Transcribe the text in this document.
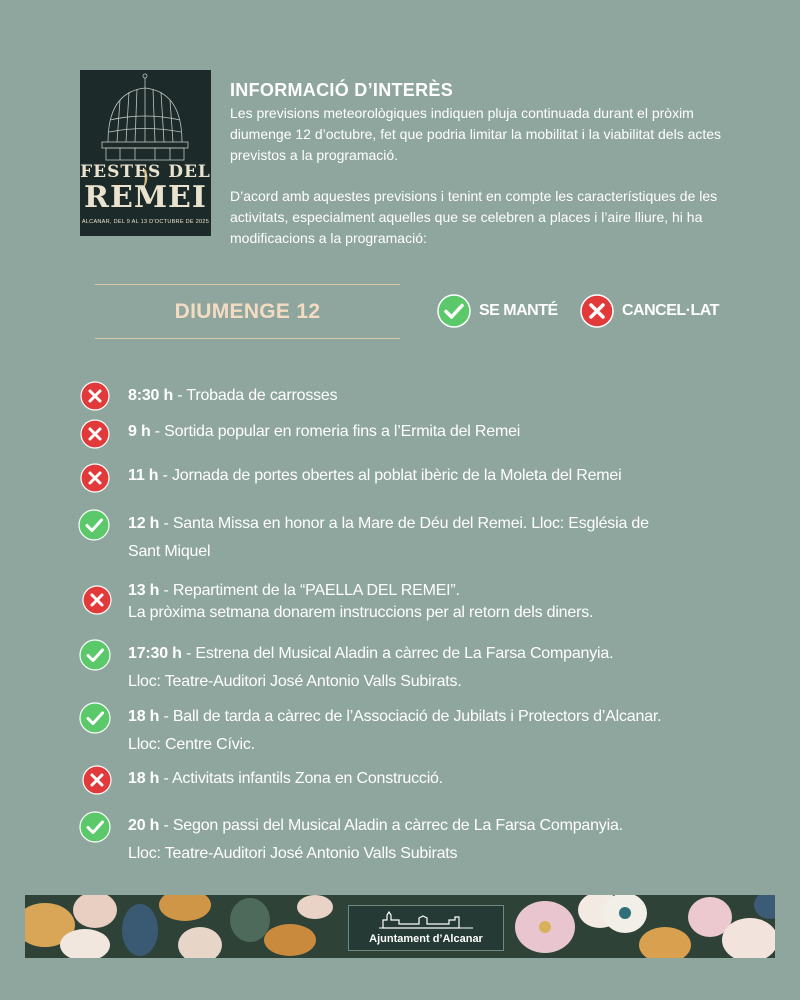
FESTES DEL
REMEI
ALCANAR, DEL 9 AL 13 D'OCTUBRE DE 2025
INFORMACIÓ D’INTERÈS
Les previsions meteorològiques indiquen pluja continuada durant el pròxim diumenge 12 d’octubre, fet que podria limitar la mobilitat i la viabilitat dels actes previstos a la programació.
D’acord amb aquestes previsions i tenint en compte les característiques de les activitats, especialment aquelles que se celebren a places i l’aire lliure, hi ha modificacions a la programació:
DIUMENGE 12	SE MANTÉ	CANCEL·LAT
8:30 h - Trobada de carrosses
9 h - Sortida popular en romeria fins a l’Ermita del Remei
11 h - Jornada de portes obertes al poblat ibèric de la Moleta del Remei
12 h - Santa Missa en honor a la Mare de Déu del Remei. Lloc: Església de
Sant Miquel
13 h - Repartiment de la “PAELLA DEL REMEI”.
La pròxima setmana donarem instruccions per al retorn dels diners.
17:30 h - Estrena del Musical Aladin a càrrec de La Farsa Companyia.
Lloc: Teatre-Auditori José Antonio Valls Subirats.
18 h - Ball de tarda a càrrec de l’Associació de Jubilats i Protectors d’Alcanar.
Lloc: Centre Cívic.
18 h - Activitats infantils Zona en Construcció.
20 h - Segon passi del Musical Aladin a càrrec de La Farsa Companyia.
Lloc: Teatre-Auditori José Antonio Valls Subirats
Ajuntament d’Alcanar
